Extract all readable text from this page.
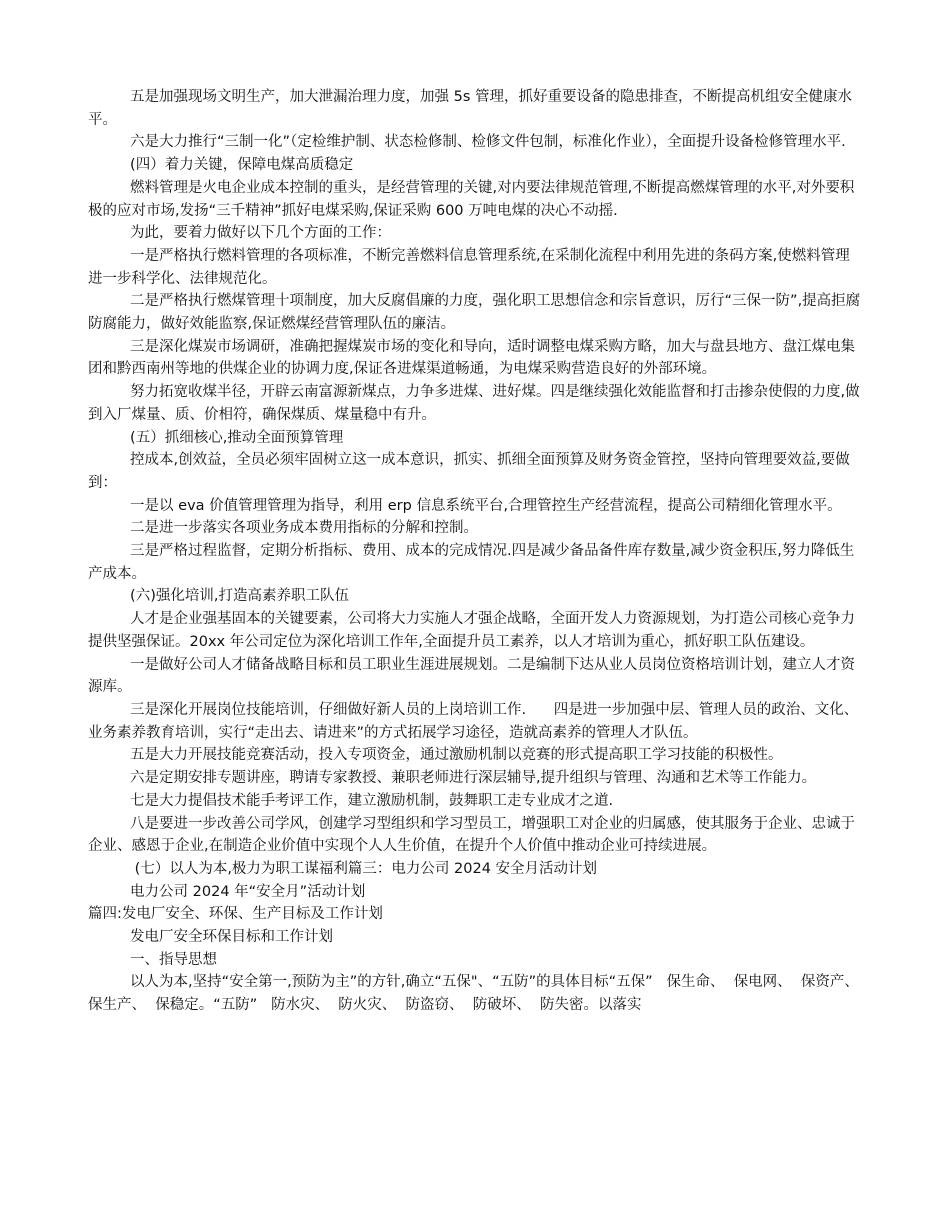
五是加强现场文明生产，加大泄漏治理力度，加强 5s 管理，抓好重要设备的隐患排查，不断提高机组安全健康水平。

六是大力推行“三制一化”（定检维护制、状态检修制、检修文件包制，标准化作业），全面提升设备检修管理水平.

(四）着力关键，保障电煤高质稳定

燃料管理是火电企业成本控制的重头，是经营管理的关键,对内要法律规范管理,不断提高燃煤管理的水平,对外要积极的应对市场,发扬“三千精神”抓好电煤采购,保证采购 600 万吨电煤的决心不动摇.

为此，要着力做好以下几个方面的工作：

一是严格执行燃料管理的各项标准，不断完善燃料信息管理系统,在采制化流程中利用先进的条码方案,使燃料管理进一步科学化、法律规范化。

二是严格执行燃煤管理十项制度，加大反腐倡廉的力度，强化职工思想信念和宗旨意识，厉行“三保一防”,提高拒腐防腐能力，做好效能监察,保证燃煤经营管理队伍的廉洁。

三是深化煤炭市场调研，准确把握煤炭市场的变化和导向，适时调整电煤采购方略，加大与盘县地方、盘江煤电集团和黔西南州等地的供煤企业的协调力度,保证各进煤渠道畅通，为电煤采购营造良好的外部环境。

努力拓宽收煤半径，开辟云南富源新煤点，力争多进煤、进好煤。四是继续强化效能监督和打击掺杂使假的力度,做到入厂煤量、质、价相符，确保煤质、煤量稳中有升。

(五）抓细核心,推动全面预算管理

控成本,创效益，全员必须牢固树立这一成本意识，抓实、抓细全面预算及财务资金管控，坚持向管理要效益,要做到：

一是以 eva 价值管理管理为指导，利用 erp 信息系统平台,合理管控生产经营流程，提高公司精细化管理水平。

二是进一步落实各项业务成本费用指标的分解和控制。

三是严格过程监督，定期分析指标、费用、成本的完成情况.四是减少备品备件库存数量,减少资金积压,努力降低生产成本。

(六)强化培训,打造高素养职工队伍

人才是企业强基固本的关键要素，公司将大力实施人才强企战略，全面开发人力资源规划，为打造公司核心竞争力提供坚强保证。20xx 年公司定位为深化培训工作年,全面提升员工素养，以人才培训为重心，抓好职工队伍建设。

一是做好公司人才储备战略目标和员工职业生涯进展规划。二是编制下达从业人员岗位资格培训计划，建立人才资源库。

三是深化开展岗位技能培训，仔细做好新人员的上岗培训工作.      四是进一步加强中层、管理人员的政治、文化、业务素养教育培训，实行“走出去、请进来”的方式拓展学习途径，造就高素养的管理人才队伍。

五是大力开展技能竞赛活动，投入专项资金，通过激励机制以竞赛的形式提高职工学习技能的积极性。

六是定期安排专题讲座，聘请专家教授、兼职老师进行深层辅导,提升组织与管理、沟通和艺术等工作能力。

七是大力提倡技术能手考评工作，建立激励机制，鼓舞职工走专业成才之道.

八是要进一步改善公司学风，创建学习型组织和学习型员工，增强职工对企业的归属感，使其服务于企业、忠诚于企业、感恩于企业,在制造企业价值中实现个人人生价值，在提升个人价值中推动企业可持续进展。

(七）以人为本,极力为职工谋福利篇三：电力公司 2024 安全月活动计划

电力公司 2024 年“安全月”活动计划

篇四:发电厂安全、环保、生产目标及工作计划

发电厂安全环保目标和工作计划

一、指导思想

以人为本,坚持“安全第一,预防为主”的方针,确立“五保"、“五防”的具体目标“五保”   保生命、  保电网、  保资产、  保生产、  保稳定。“五防”   防水灾、  防火灾、  防盗窃、  防破坏、  防失密。以落实
